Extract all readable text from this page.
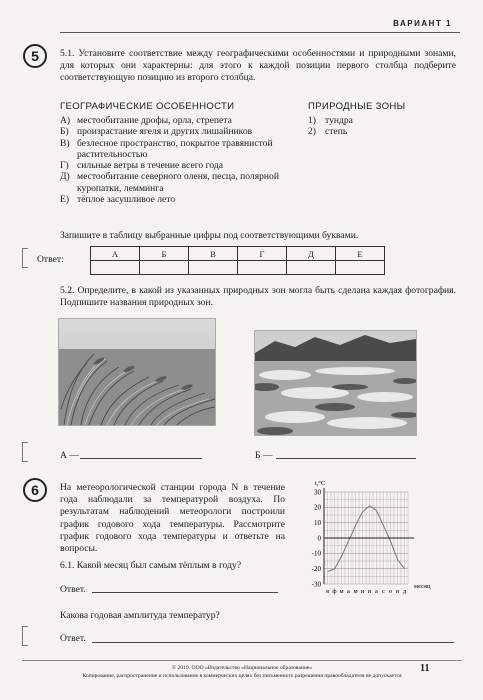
ВАРИАНТ 1
5	5.1. Установите соответствие между географическими особенностями и природными зонами, для которых они характерны: для этого к каждой позиции первого столбца подберите соответствующую позицию из второго столбца.
ГЕОГРАФИЧЕСКИЕ ОСОБЕННОСТИ	ПРИРОДНЫЕ ЗОНЫ
А) местообитание дрофы, орла, стрепета
Б) произрастание ягеля и других лишайников
В) безлесное пространство, покрытое травянистой растительностью
Г) сильные ветры в течение всего года
Д) местообитание северного оленя, песца, полярной куропатки, лемминга
Е) тёплое засушливое лето
1) тундра
2) степь
Запишите в таблицу выбранные цифры под соответствующими буквами.
Ответ:
А	Б	В	Г	Д	Е

5.2. Определите, в какой из указанных природных зон могла быть сделана каждая фотография. Подпишите названия природных зон.
А —	Б —
6	На метеорологической станции города N в течение года наблюдали за температурой воздуха. По результатам наблюдений метеорологи построили график годового хода температуры. Рассмотрите график годового хода температуры и ответьте на вопросы.
t,°C
30
20
10
0
-10
-20
-30
я ф м а м и и а с о н д
месяц
6.1. Какой месяц был самым тёплым в году?
Ответ.
Какова годовая амплитуда температур?
Ответ.
© 2019. ООО «Издательство «Национальное образование»
Копирование, распространение и использование в коммерческих целях без письменного разрешения правообладателя не допускается
11
